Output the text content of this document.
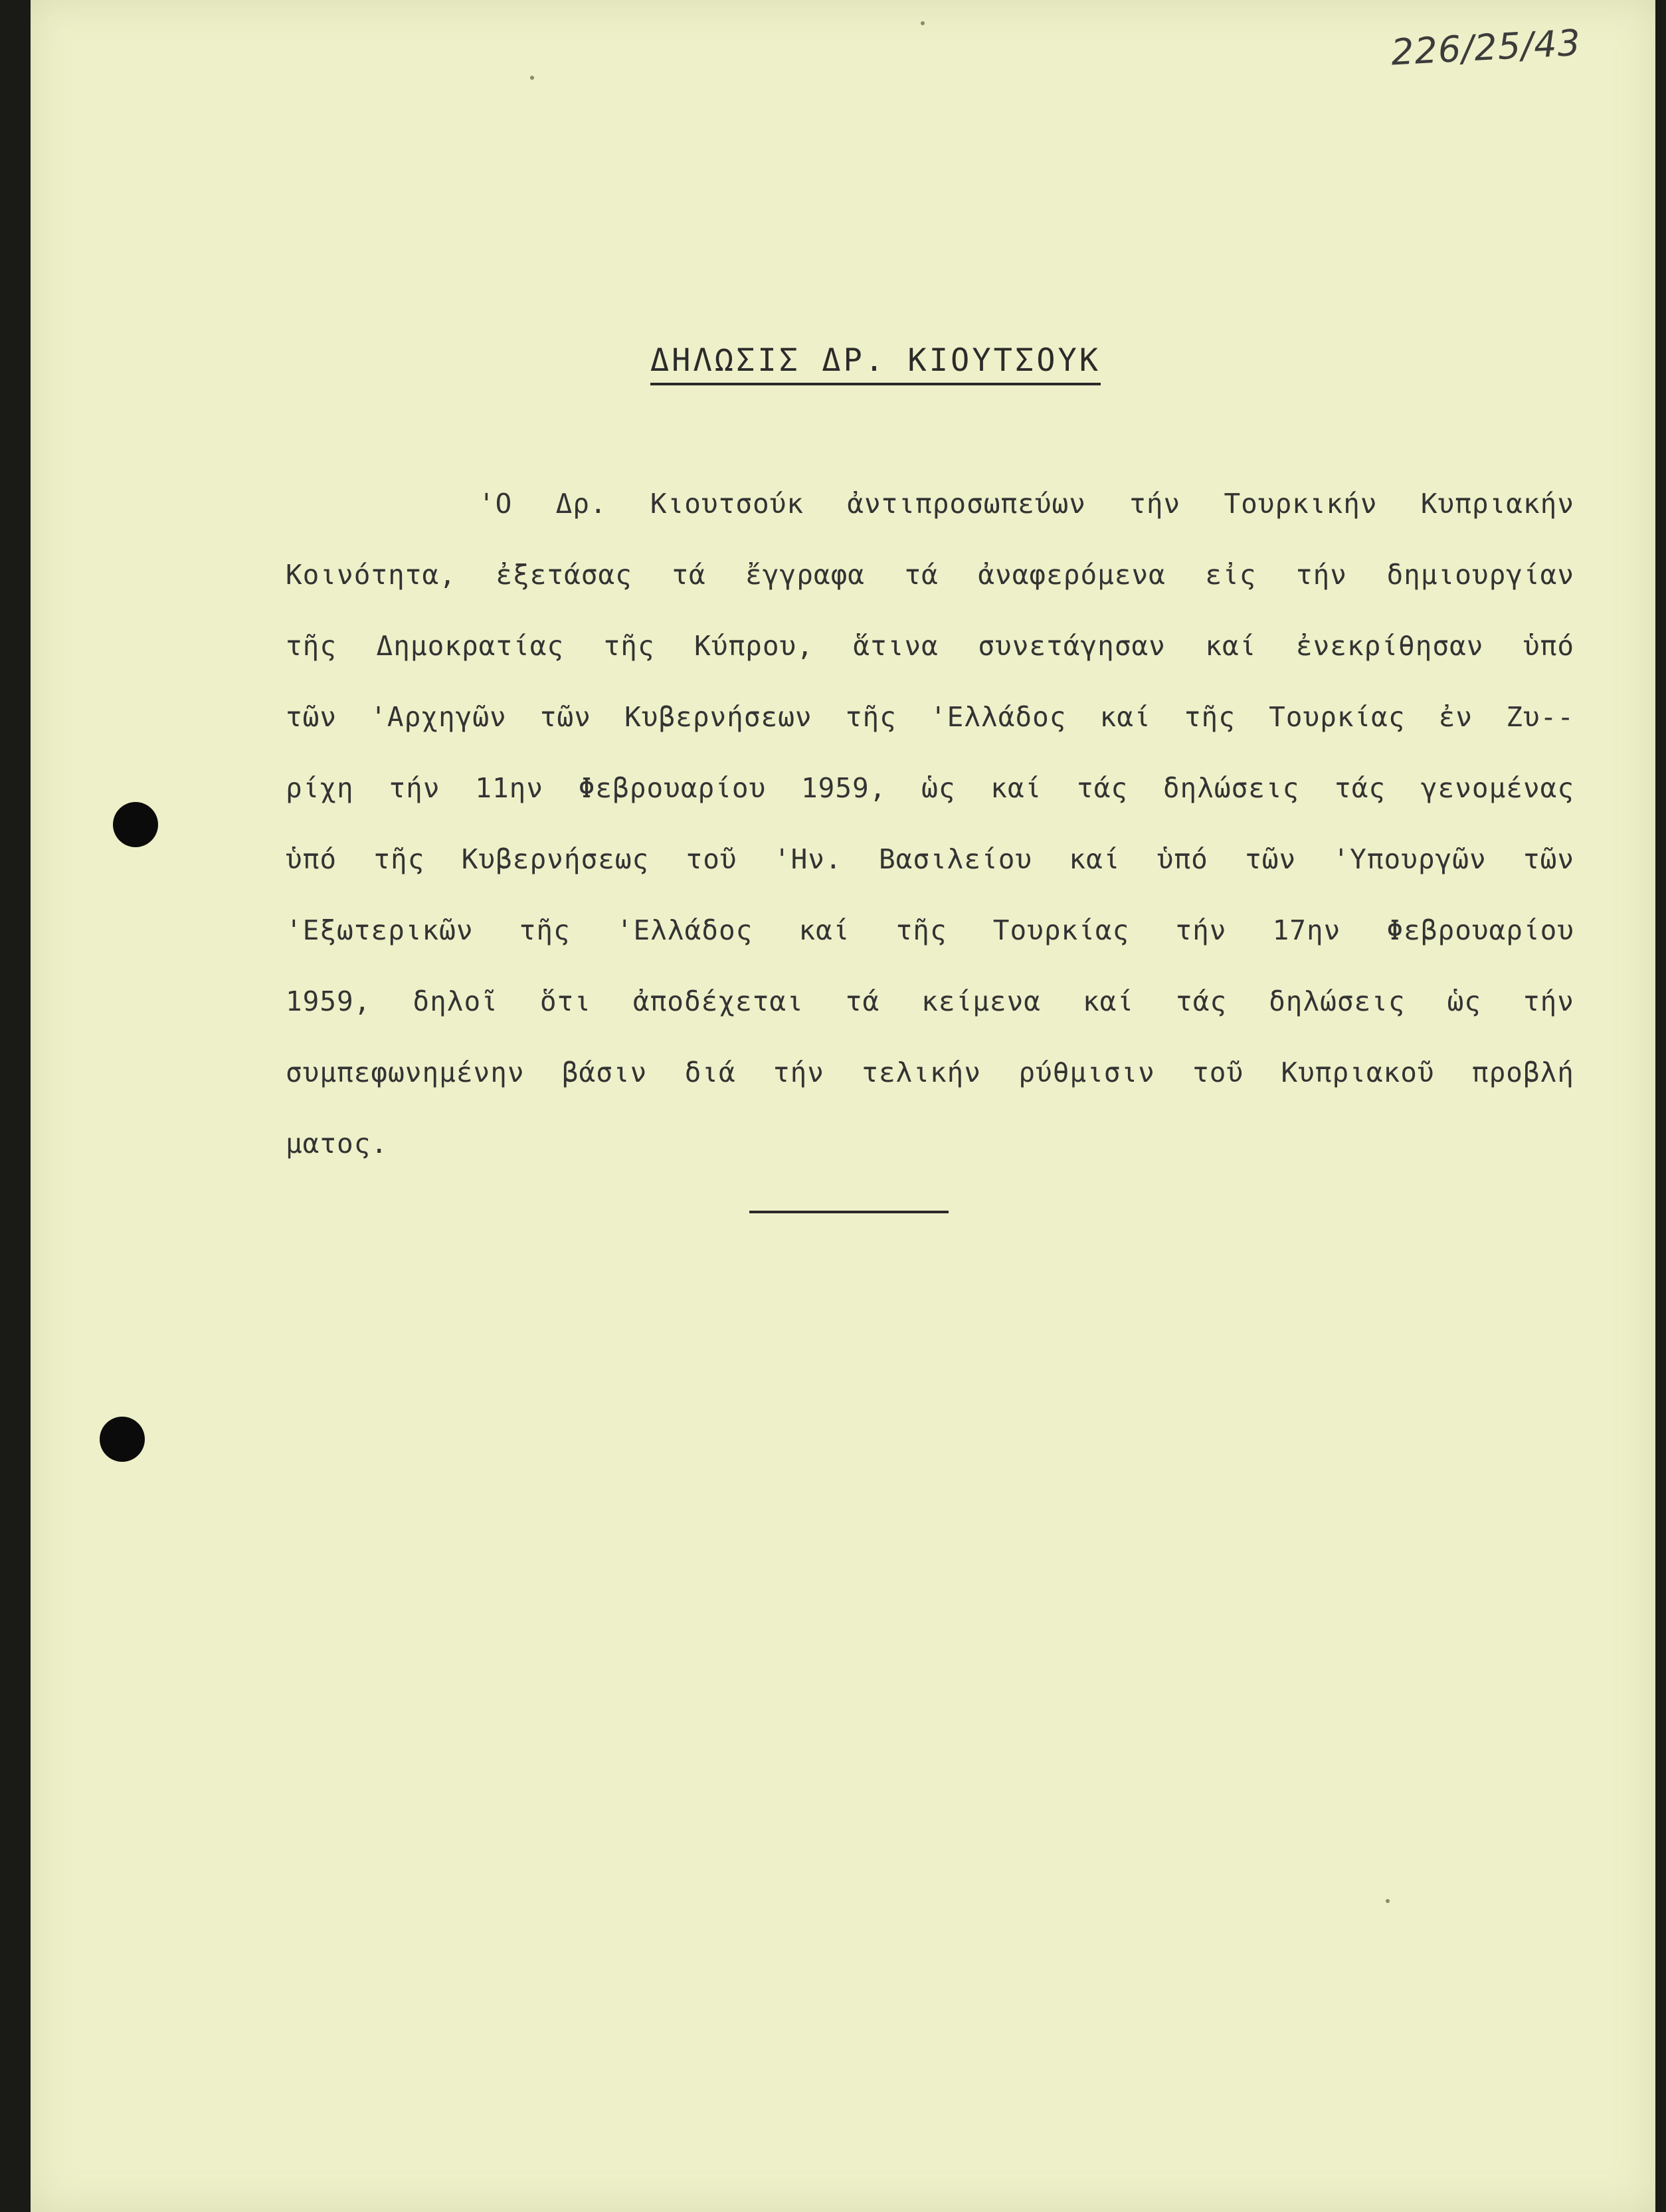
226/25/43
ΔΗΛΩΣΙΣ ΔΡ. ΚΙΟΥΤΣΟΥΚ
'Ο Δρ. Κιουτσούκ ἀντιπροσωπεύων τήν Τουρκικήν Κυπριακήν
Κοινότητα, ἐξετάσας τά ἔγγραφα τά ἀναφερόμενα εἰς τήν δημιουργίαν
τῆς Δημοκρατίας τῆς Κύπρου, ἅτινα συνετάγησαν καί ἐνεκρίθησαν ὑπό
τῶν 'Αρχηγῶν τῶν Κυβερνήσεων τῆς 'Ελλάδος καί τῆς Τουρκίας ἐν Ζυ--
ρίχη τήν 11ην Φεβρουαρίου 1959, ὡς καί τάς δηλώσεις τάς γενομένας
ὑπό τῆς Κυβερνήσεως τοῦ 'Ην. Βασιλείου καί ὑπό τῶν 'Υπουργῶν τῶν
'Εξωτερικῶν τῆς 'Ελλάδος καί τῆς Τουρκίας τήν 17ην Φεβρουαρίου
1959, δηλοῖ ὅτι ἀποδέχεται τά κείμενα καί τάς δηλώσεις ὡς τήν
συμπεφωνημένην βάσιν διά τήν τελικήν ρύθμισιν τοῦ Κυπριακοῦ προβλή
ματος.
